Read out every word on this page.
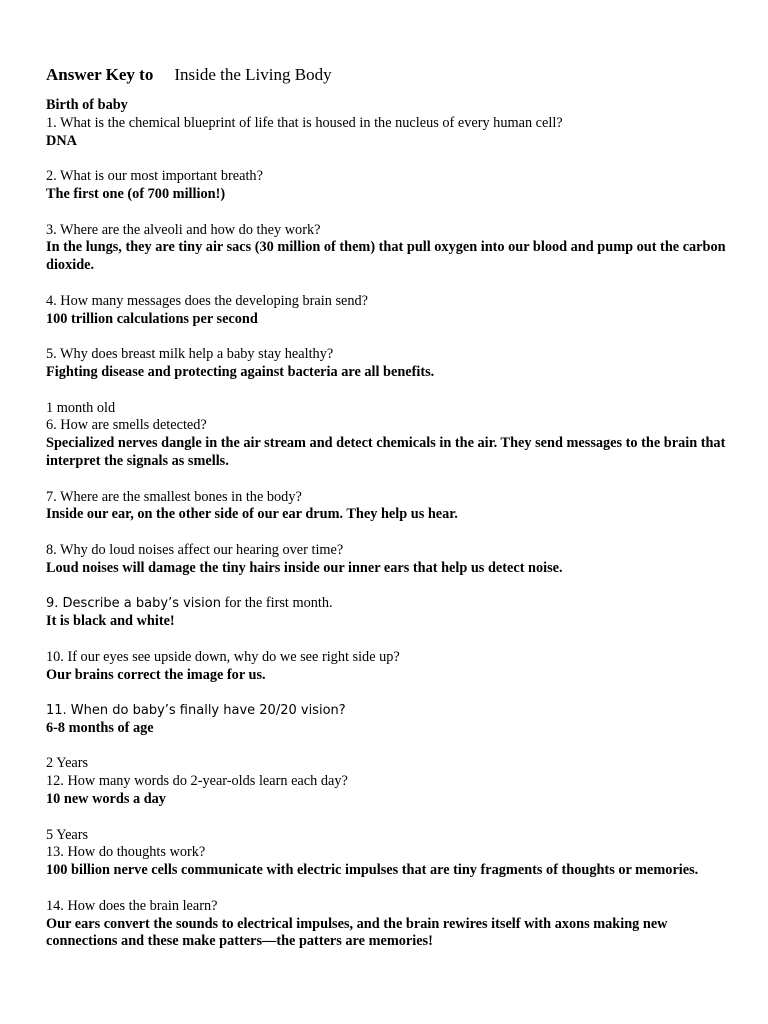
Answer Key to Inside the Living Body
Birth of baby
1. What is the chemical blueprint of life that is housed in the nucleus of every human cell?
DNA
2. What is our most important breath?
The first one (of 700 million!)
3. Where are the alveoli and how do they work?
In the lungs, they are tiny air sacs (30 million of them) that pull oxygen into our blood and pump out the carbon dioxide.
4. How many messages does the developing brain send?
100 trillion calculations per second
5. Why does breast milk help a baby stay healthy?
Fighting disease and protecting against bacteria are all benefits.
1 month old
6. How are smells detected?
Specialized nerves dangle in the air stream and detect chemicals in the air. They send messages to the brain that interpret the signals as smells.
7. Where are the smallest bones in the body?
Inside our ear, on the other side of our ear drum. They help us hear.
8. Why do loud noises affect our hearing over time?
Loud noises will damage the tiny hairs inside our inner ears that help us detect noise.
9. Describe a baby’s vision for the first month.
It is black and white!
10. If our eyes see upside down, why do we see right side up?
Our brains correct the image for us.
11. When do baby’s finally have 20/20 vision?
6-8 months of age
2 Years
12. How many words do 2-year-olds learn each day?
10 new words a day
5 Years
13. How do thoughts work?
100 billion nerve cells communicate with electric impulses that are tiny fragments of thoughts or memories.
14. How does the brain learn?
Our ears convert the sounds to electrical impulses, and the brain rewires itself with axons making new connections and these make patters—the patters are memories!
